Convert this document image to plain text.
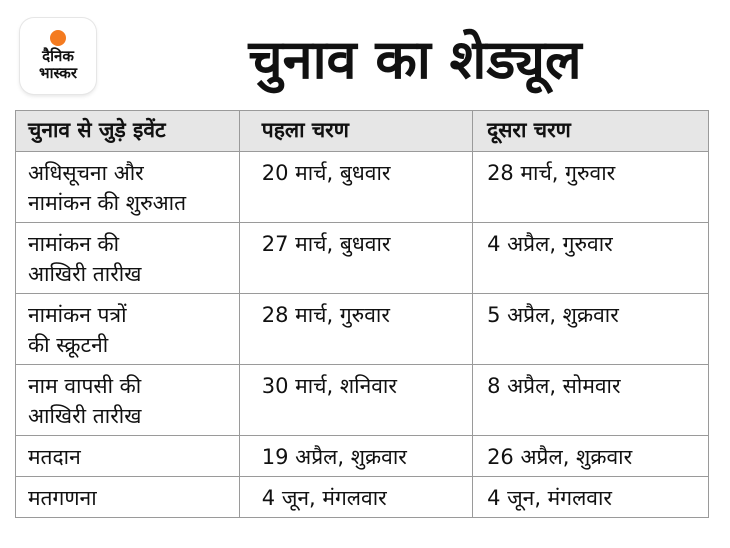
दैनिक
भास्कर	चुनाव का शेड्यूल
चुनाव से जुड़े इवेंट	पहला चरण	दूसरा चरण

अधिसूचना और
नामांकन की शुरुआत	20 मार्च, बुधवार	28 मार्च, गुरुवार

नामांकन की
आखिरी तारीख	27 मार्च, बुधवार	4 अप्रैल, गुरुवार

नामांकन पत्रों
की स्क्रूटनी	28 मार्च, गुरुवार	5 अप्रैल, शुक्रवार

नाम वापसी की
आखिरी तारीख	30 मार्च, शनिवार	8 अप्रैल, सोमवार

मतदान	19 अप्रैल, शुक्रवार	26 अप्रैल, शुक्रवार

मतगणना	4 जून, मंगलवार	4 जून, मंगलवार
